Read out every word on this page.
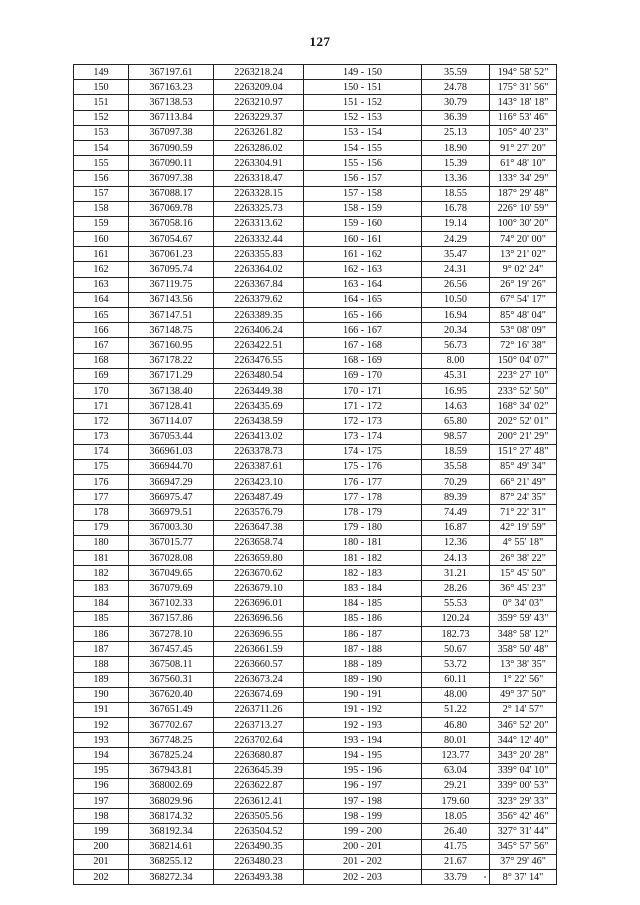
127
149	367197.61	2263218.24	149 - 150	35.59	194° 58' 52"
150	367163.23	2263209.04	150 - 151	24.78	175° 31' 56"
151	367138.53	2263210.97	151 - 152	30.79	143° 18' 18"
152	367113.84	2263229.37	152 - 153	36.39	116° 53' 46"
153	367097.38	2263261.82	153 - 154	25.13	105° 40' 23"
154	367090.59	2263286.02	154 - 155	18.90	91° 27' 20"
155	367090.11	2263304.91	155 - 156	15.39	61° 48' 10"
156	367097.38	2263318.47	156 - 157	13.36	133° 34' 29"
157	367088.17	2263328.15	157 - 158	18.55	187° 29' 48"
158	367069.78	2263325.73	158 - 159	16.78	226° 10' 59"
159	367058.16	2263313.62	159 - 160	19.14	100° 30' 20"
160	367054.67	2263332.44	160 - 161	24.29	74° 20' 00"
161	367061.23	2263355.83	161 - 162	35.47	13° 21' 02"
162	367095.74	2263364.02	162 - 163	24.31	9° 02' 24"
163	367119.75	2263367.84	163 - 164	26.56	26° 19' 26"
164	367143.56	2263379.62	164 - 165	10.50	67° 54' 17"
165	367147.51	2263389.35	165 - 166	16.94	85° 48' 04"
166	367148.75	2263406.24	166 - 167	20.34	53° 08' 09"
167	367160.95	2263422.51	167 - 168	56.73	72° 16' 38"
168	367178.22	2263476.55	168 - 169	8.00	150° 04' 07"
169	367171.29	2263480.54	169 - 170	45.31	223° 27' 10"
170	367138.40	2263449.38	170 - 171	16.95	233° 52' 50"
171	367128.41	2263435.69	171 - 172	14.63	168° 34' 02"
172	367114.07	2263438.59	172 - 173	65.80	202° 52' 01"
173	367053.44	2263413.02	173 - 174	98.57	200° 21' 29"
174	366961.03	2263378.73	174 - 175	18.59	151° 27' 48"
175	366944.70	2263387.61	175 - 176	35.58	85° 49' 34"
176	366947.29	2263423.10	176 - 177	70.29	66° 21' 49"
177	366975.47	2263487.49	177 - 178	89.39	87° 24' 35"
178	366979.51	2263576.79	178 - 179	74.49	71° 22' 31"
179	367003.30	2263647.38	179 - 180	16.87	42° 19' 59"
180	367015.77	2263658.74	180 - 181	12.36	4° 55' 18"
181	367028.08	2263659.80	181 - 182	24.13	26° 38' 22"
182	367049.65	2263670.62	182 - 183	31.21	15° 45' 50"
183	367079.69	2263679.10	183 - 184	28.26	36° 45' 23"
184	367102.33	2263696.01	184 - 185	55.53	0° 34' 03"
185	367157.86	2263696.56	185 - 186	120.24	359° 59' 43"
186	367278.10	2263696.55	186 - 187	182.73	348° 58' 12"
187	367457.45	2263661.59	187 - 188	50.67	358° 50' 48"
188	367508.11	2263660.57	188 - 189	53.72	13° 38' 35"
189	367560.31	2263673.24	189 - 190	60.11	1° 22' 56"
190	367620.40	2263674.69	190 - 191	48.00	49° 37' 50"
191	367651.49	2263711.26	191 - 192	51.22	2° 14' 57"
192	367702.67	2263713.27	192 - 193	46.80	346° 52' 20"
193	367748.25	2263702.64	193 - 194	80.01	344° 12' 40"
194	367825.24	2263680.87	194 - 195	123.77	343° 20' 28"
195	367943.81	2263645.39	195 - 196	63.04	339° 04' 10"
196	368002.69	2263622.87	196 - 197	29.21	339° 00' 53"
197	368029.96	2263612.41	197 - 198	179.60	323° 29' 33"
198	368174.32	2263505.56	198 - 199	18.05	356° 42' 46"
199	368192.34	2263504.52	199 - 200	26.40	327° 31' 44"
200	368214.61	2263490.35	200 - 201	41.75	345° 57' 56"
201	368255.12	2263480.23	201 - 202	21.67	37° 29' 46"
202	368272.34	2263493.38	202 - 203	33.79	8° 37' 14"
